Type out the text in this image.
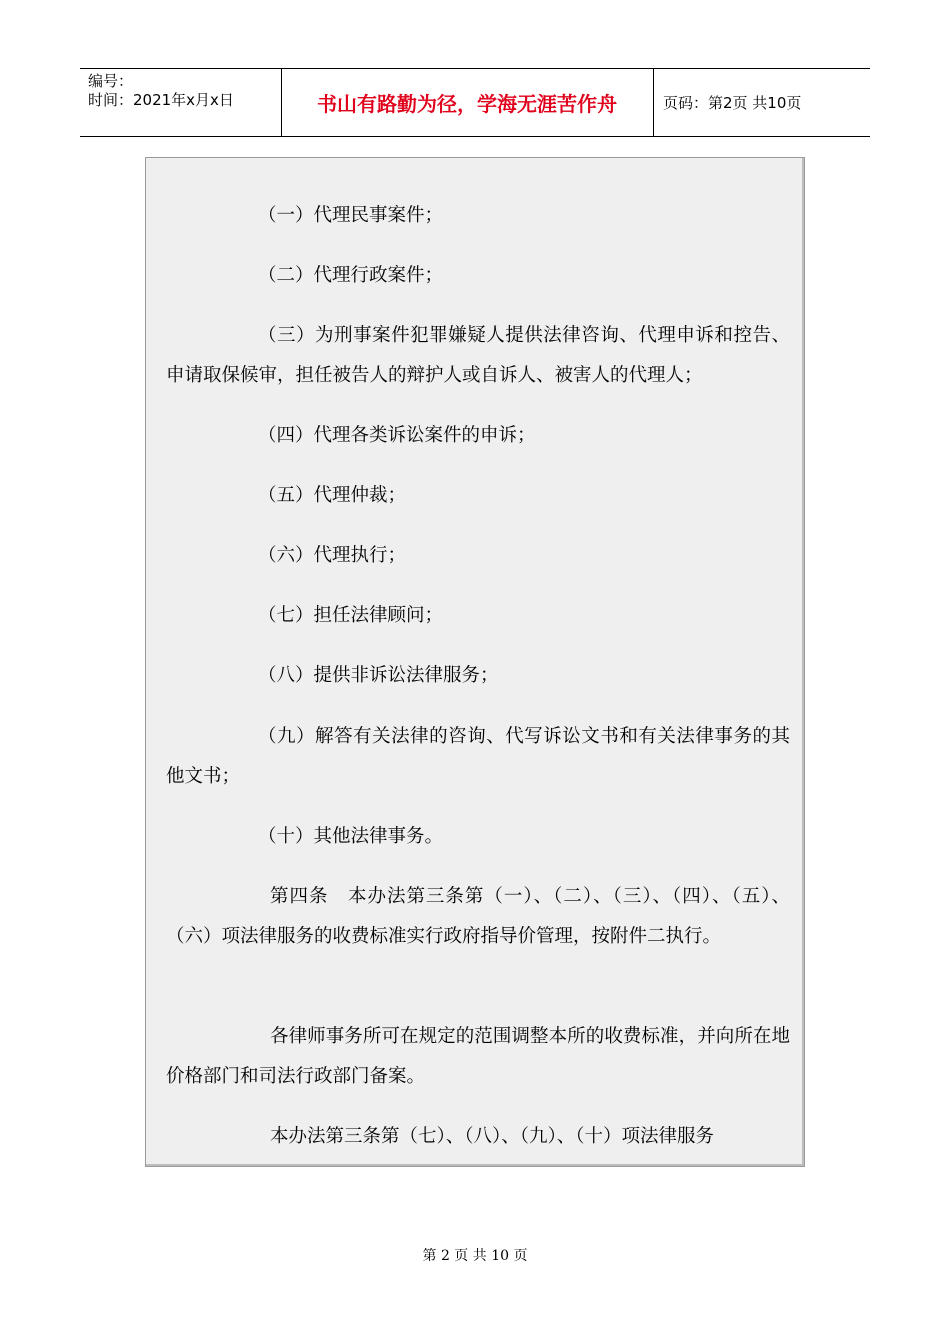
编号：
时间：2021年x月x日	书山有路勤为径，学海无涯苦作舟	页码：第2页 共10页
（一）代理民事案件；
（二）代理行政案件；
（三）为刑事案件犯罪嫌疑人提供法律咨询、代理申诉和控告、申请取保候审，担任被告人的辩护人或自诉人、被害人的代理人；
（四）代理各类诉讼案件的申诉；
（五）代理仲裁；
（六）代理执行；
（七）担任法律顾问；
（八）提供非诉讼法律服务；
（九）解答有关法律的咨询、代写诉讼文书和有关法律事务的其他文书；
（十）其他法律事务。
第四条　本办法第三条第（一）、（二）、（三）、（四）、（五）、（六）项法律服务的收费标准实行政府指导价管理，按附件二执行。
各律师事务所可在规定的范围调整本所的收费标准，并向所在地价格部门和司法行政部门备案。
本办法第三条第（七）、（八）、（九）、（十）项法律服务
第 2 页 共 10 页
